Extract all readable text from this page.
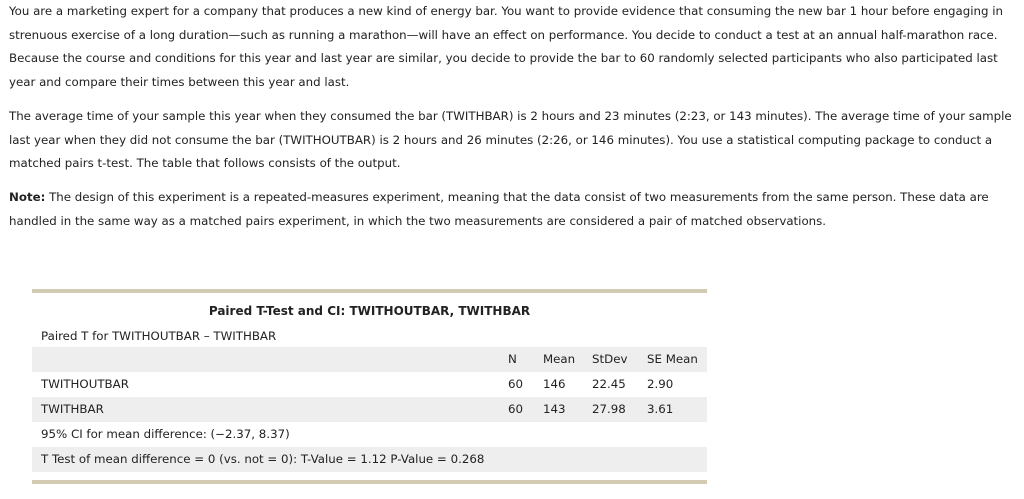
You are a marketing expert for a company that produces a new kind of energy bar. You want to provide evidence that consuming the new bar 1 hour before engaging in strenuous exercise of a long duration—such as running a marathon—will have an effect on performance. You decide to conduct a test at an annual half-marathon race. Because the course and conditions for this year and last year are similar, you decide to provide the bar to 60 randomly selected participants who also participated last year and compare their times between this year and last.

The average time of your sample this year when they consumed the bar (TWITHBAR) is 2 hours and 23 minutes (2:23, or 143 minutes). The average time of your sample last year when they did not consume the bar (TWITHOUTBAR) is 2 hours and 26 minutes (2:26, or 146 minutes). You use a statistical computing package to conduct a matched pairs t-test. The table that follows consists of the output.

Note: The design of this experiment is a repeated-measures experiment, meaning that the data consist of two measurements from the same person. These data are handled in the same way as a matched pairs experiment, in which the two measurements are considered a pair of matched observations.

Paired T-Test and CI: TWITHOUTBAR, TWITHBAR
Paired T for TWITHOUTBAR – TWITHBAR
N Mean StDev SE Mean
TWITHOUTBAR	60 146 22.45 2.90
TWITHBAR	60 143 27.98 3.61
95% CI for mean difference: (−2.37, 8.37)
T Test of mean difference = 0 (vs. not = 0): T-Value = 1.12 P-Value = 0.268
